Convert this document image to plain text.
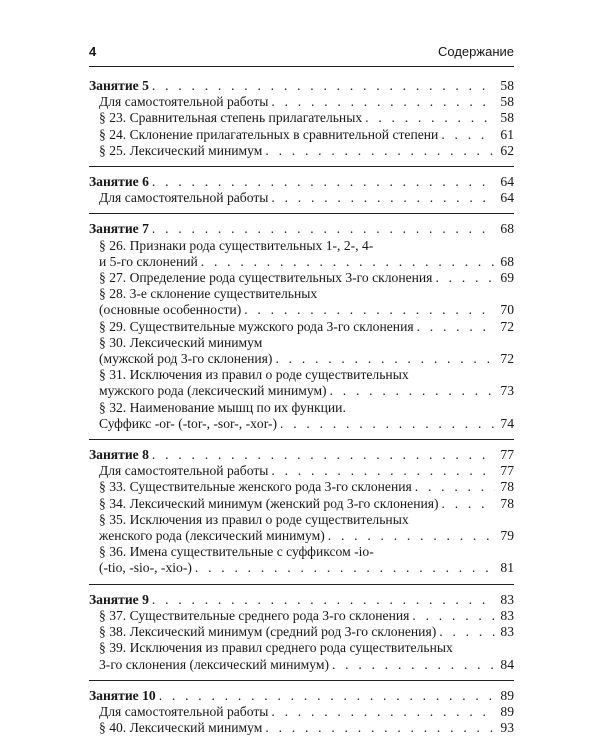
4	Содержание
Занятие 5 . . .	58
Для самостоятельной работы . . .	58
§ 23. Сравнительная степень прилагательных . . .	58
§ 24. Склонение прилагательных в сравнительной степени . . .	61
§ 25. Лексический минимум . . .	62
Занятие 6 . . .	64
Для самостоятельной работы . . .	64
Занятие 7 . . .	68
§ 26. Признаки рода существительных 1-, 2-, 4-
и 5-го склонений . . .	68
§ 27. Определение рода существительных 3-го склонения . . .	69
§ 28. 3-е склонение существительных
(основные особенности) . . .	70
§ 29. Существительные мужского рода 3-го склонения . . .	72
§ 30. Лексический минимум
(мужской род 3-го склонения) . . .	72
§ 31. Исключения из правил о роде существительных
мужского рода (лексический минимум) . . .	73
§ 32. Наименование мышц по их функции.
Суффикс -or- (-tor-, -sor-, -xor-) . . .	74
Занятие 8 . . .	77
Для самостоятельной работы . . .	77
§ 33. Существительные женского рода 3-го склонения . . .	78
§ 34. Лексический минимум (женский род 3-го склонения) . . .	78
§ 35. Исключения из правил о роде существительных
женского рода (лексический минимум) . . .	79
§ 36. Имена существительные с суффиксом -io-
(-tio, -sio-, -xio-) . . .	81
Занятие 9 . . .	83
§ 37. Существительные среднего рода 3-го склонения . . .	83
§ 38. Лексический минимум (средний род 3-го склонения) . . .	83
§ 39. Исключения из правил среднего рода существительных
3-го склонения (лексический минимум) . . .	84
Занятие 10 . . .	89
Для самостоятельной работы . . .	89
§ 40. Лексический минимум . . .	93
